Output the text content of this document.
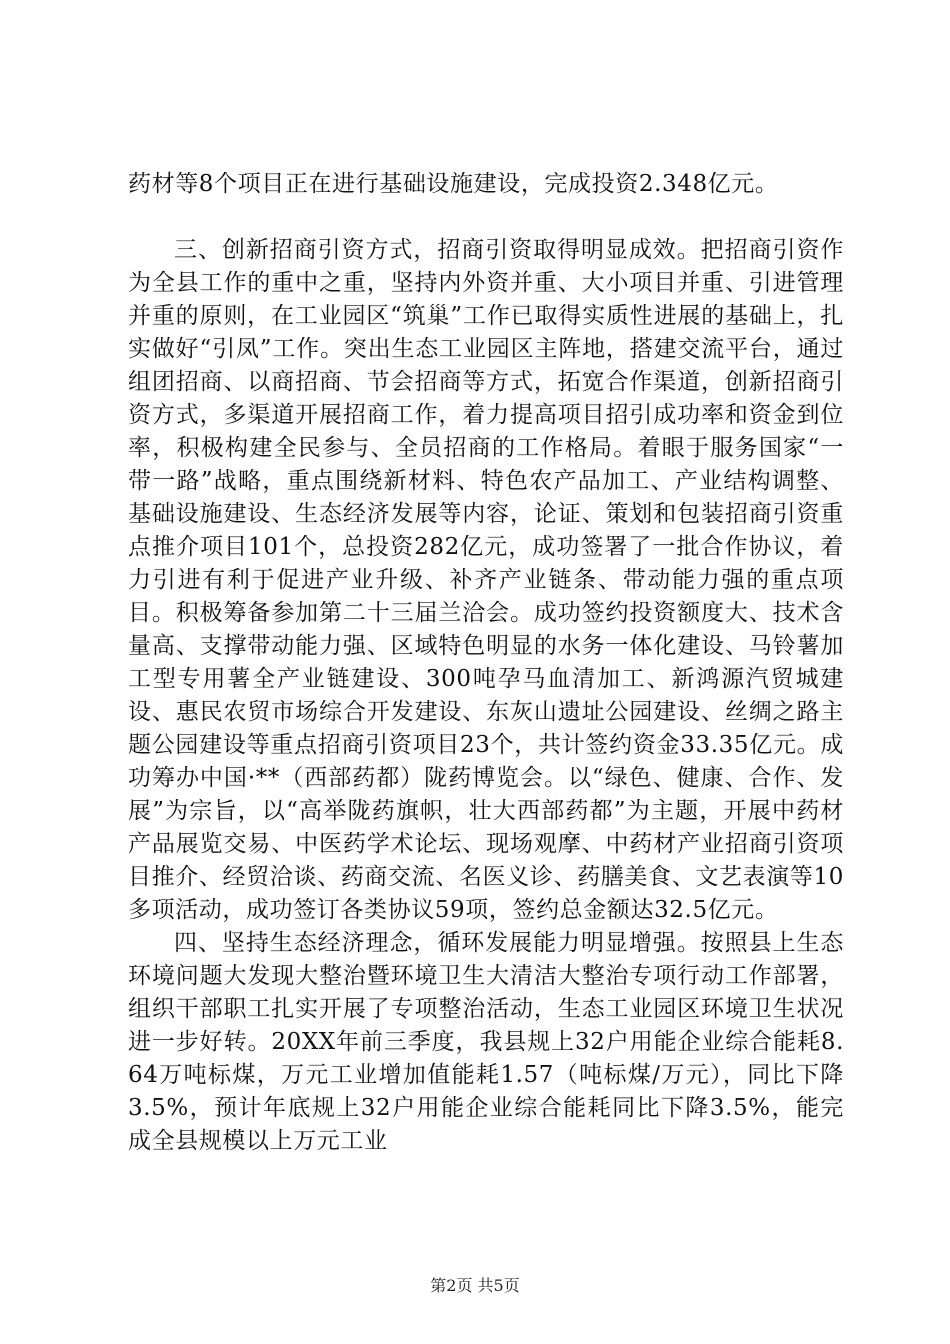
药材等8个项目正在进行基础设施建设，完成投资2.348亿元。

三、创新招商引资方式，招商引资取得明显成效。把招商引资作为全县工作的重中之重，坚持内外资并重、大小项目并重、引进管理并重的原则，在工业园区“筑巢”工作已取得实质性进展的基础上，扎实做好“引凤”工作。突出生态工业园区主阵地，搭建交流平台，通过组团招商、以商招商、节会招商等方式，拓宽合作渠道，创新招商引资方式，多渠道开展招商工作，着力提高项目招引成功率和资金到位率，积极构建全民参与、全员招商的工作格局。着眼于服务国家“一带一路”战略，重点围绕新材料、特色农产品加工、产业结构调整、基础设施建设、生态经济发展等内容，论证、策划和包装招商引资重点推介项目101个，总投资282亿元，成功签署了一批合作协议，着力引进有利于促进产业升级、补齐产业链条、带动能力强的重点项目。积极筹备参加第二十三届兰洽会。成功签约投资额度大、技术含量高、支撑带动能力强、区域特色明显的水务一体化建设、马铃薯加工型专用薯全产业链建设、300吨孕马血清加工、新鸿源汽贸城建设、惠民农贸市场综合开发建设、东灰山遗址公园建设、丝绸之路主题公园建设等重点招商引资项目23个，共计签约资金33.35亿元。成功筹办中国·**（西部药都）陇药博览会。以“绿色、健康、合作、发展”为宗旨，以“高举陇药旗帜，壮大西部药都”为主题，开展中药材产品展览交易、中医药学术论坛、现场观摩、中药材产业招商引资项目推介、经贸洽谈、药商交流、名医义诊、药膳美食、文艺表演等10多项活动，成功签订各类协议59项，签约总金额达32.5亿元。

四、坚持生态经济理念，循环发展能力明显增强。按照县上生态环境问题大发现大整治暨环境卫生大清洁大整治专项行动工作部署，组织干部职工扎实开展了专项整治活动，生态工业园区环境卫生状况进一步好转。20XX年前三季度，我县规上32户用能企业综合能耗8.64万吨标煤，万元工业增加值能耗1.57（吨标煤/万元），同比下降3.5%，预计年底规上32户用能企业综合能耗同比下降3.5%，能完成全县规模以上万元工业

第2页 共5页
